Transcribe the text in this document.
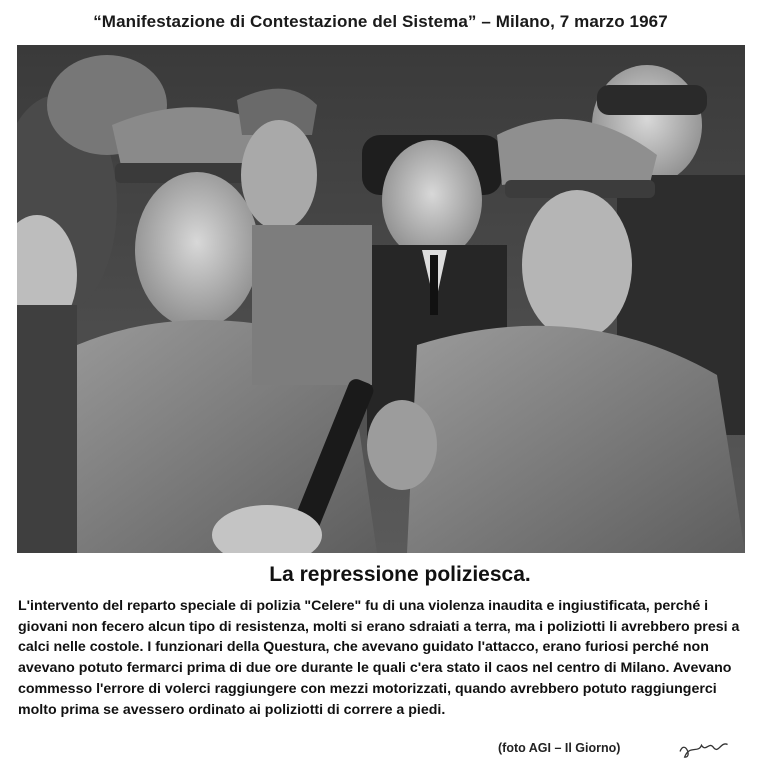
“Manifestazione di Contestazione del Sistema” – Milano, 7 marzo 1967
La repressione poliziesca.

L'intervento del reparto speciale di polizia "Celere" fu di una violenza inaudita e ingiustificata, perché i giovani non fecero alcun tipo di resistenza, molti si erano sdraiati a terra, ma i poliziotti li avrebbero presi a calci nelle costole. I funzionari della Questura, che avevano guidato l'attacco, erano furiosi perché non avevano potuto fermarci prima di due ore durante le quali c'era stato il caos nel centro di Milano. Avevano commesso l'errore di volerci raggiungere con mezzi motorizzati, quando avrebbero potuto raggiungerci molto prima se avessero ordinato ai poliziotti di correre a piedi.

(foto AGI – Il Giorno)
